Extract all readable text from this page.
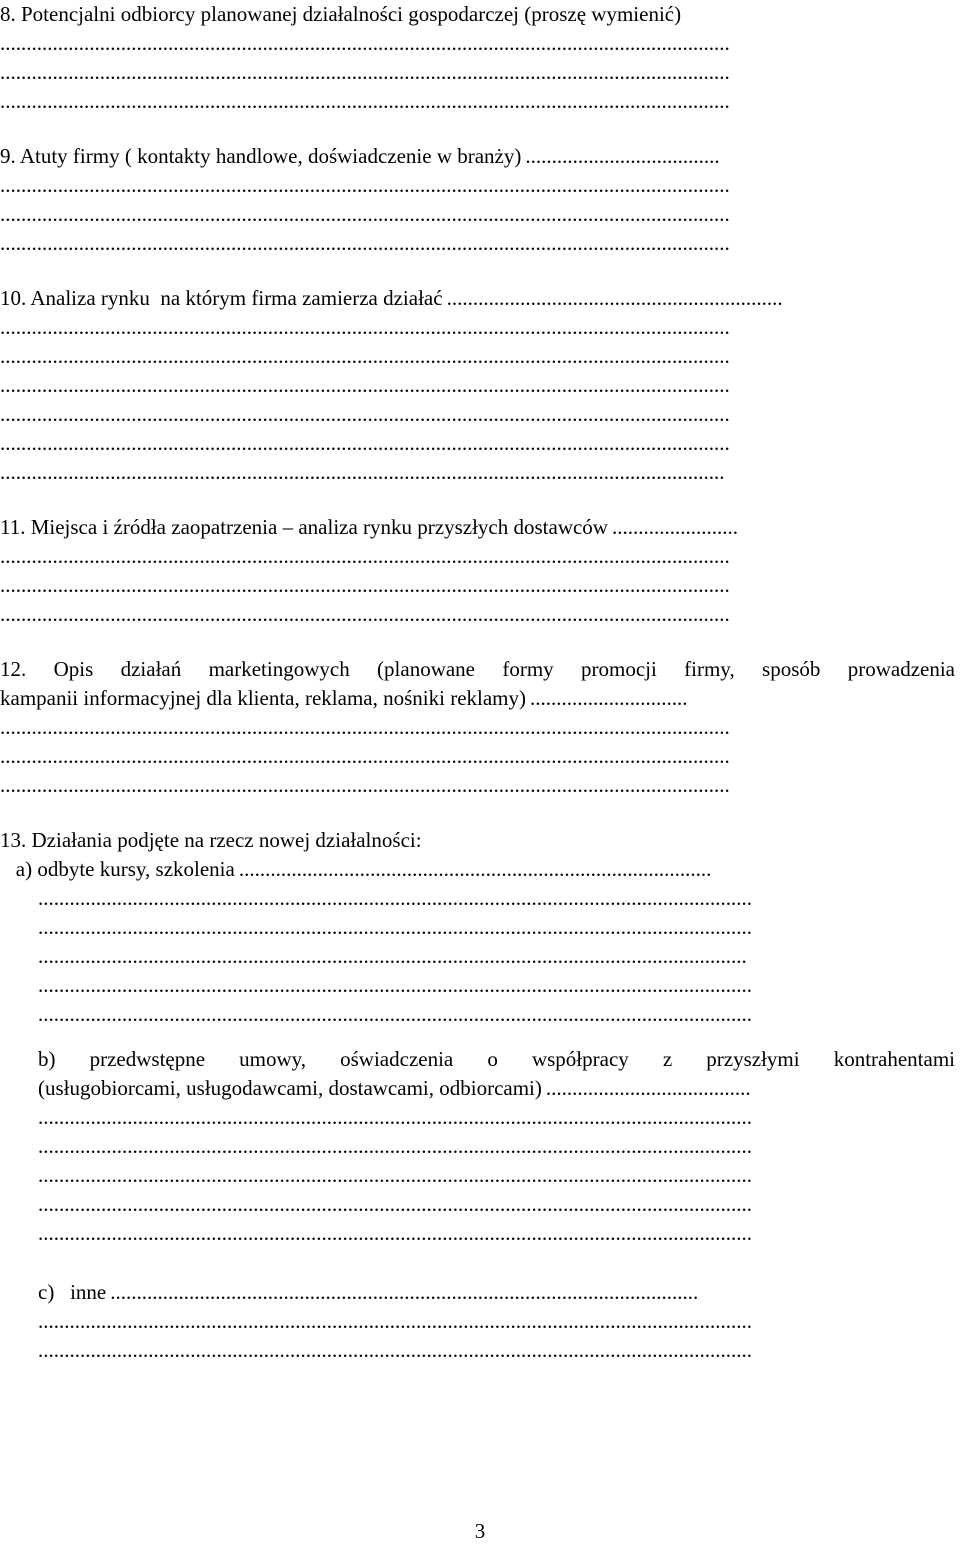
8. Potencjalni odbiorcy planowanej działalności gospodarczej (proszę wymienić)
...........................................................................................................................................
...........................................................................................................................................
...........................................................................................................................................
9. Atuty firmy ( kontakty handlowe, doświadczenie w branży) .....................................
...........................................................................................................................................
...........................................................................................................................................
...........................................................................................................................................
10. Analiza rynku  na którym firma zamierza działać ................................................................
...........................................................................................................................................
...........................................................................................................................................
...........................................................................................................................................
...........................................................................................................................................
...........................................................................................................................................
..........................................................................................................................................
11. Miejsca i źródła zaopatrzenia – analiza rynku przyszłych dostawców ........................
...........................................................................................................................................
...........................................................................................................................................
...........................................................................................................................................
12. Opis działań marketingowych (planowane formy promocji firmy, sposób prowadzenia
kampanii informacyjnej dla klienta, reklama, nośniki reklamy) ..............................
...........................................................................................................................................
...........................................................................................................................................
...........................................................................................................................................
13. Działania podjęte na rzecz nowej działalności:
a) odbyte kursy, szkolenia ..........................................................................................
........................................................................................................................................
........................................................................................................................................
.......................................................................................................................................
........................................................................................................................................
........................................................................................................................................
b) przedwstępne umowy, oświadczenia o współpracy z przyszłymi kontrahentami
(usługobiorcami, usługodawcami, dostawcami, odbiorcami) .......................................
........................................................................................................................................
........................................................................................................................................
........................................................................................................................................
........................................................................................................................................
........................................................................................................................................
c)   inne ................................................................................................................
........................................................................................................................................
........................................................................................................................................
3
